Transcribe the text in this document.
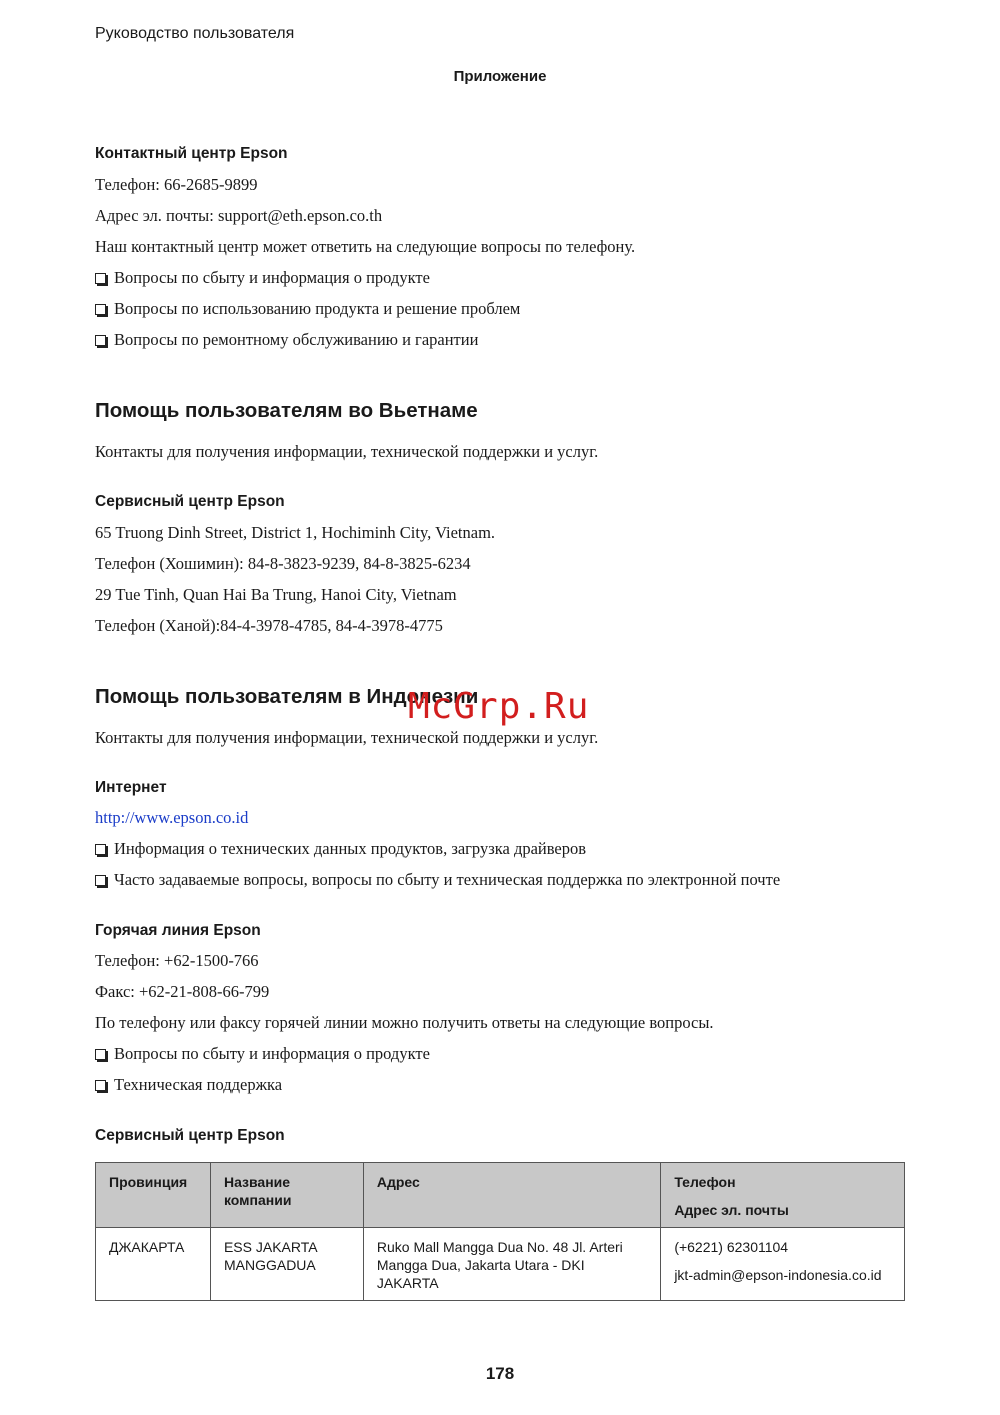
Руководство пользователя
Приложение
Контактный центр Epson
Телефон: 66-2685-9899
Адрес эл. почты: support@eth.epson.co.th
Наш контактный центр может ответить на следующие вопросы по телефону.
Вопросы по сбыту и информация о продукте
Вопросы по использованию продукта и решение проблем
Вопросы по ремонтному обслуживанию и гарантии
Помощь пользователям во Вьетнаме
Контакты для получения информации, технической поддержки и услуг.
Сервисный центр Epson
65 Truong Dinh Street, District 1, Hochiminh City, Vietnam.
Телефон (Хошимин): 84-8-3823-9239, 84-8-3825-6234
29 Tue Tinh, Quan Hai Ba Trung, Hanoi City, Vietnam
Телефон (Ханой):84-4-3978-4785, 84-4-3978-4775
Помощь пользователям в Индонезии
Контакты для получения информации, технической поддержки и услуг.
Интернет
http://www.epson.co.id
Информация о технических данных продуктов, загрузка драйверов
Часто задаваемые вопросы, вопросы по сбыту и техническая поддержка по электронной почте
Горячая линия Epson
Телефон: +62-1500-766
Факс: +62-21-808-66-799
По телефону или факсу горячей линии можно получить ответы на следующие вопросы.
Вопросы по сбыту и информация о продукте
Техническая поддержка
Сервисный центр Epson
Провинция	Название компании	Адрес	Телефон
Адрес эл. почты

ДЖАКАРТА	ESS JAKARTA MANGGADUA	Ruko Mall Mangga Dua No. 48 Jl. Arteri Mangga Dua, Jakarta Utara - DKI JAKARTA	(+6221) 62301104
jkt-admin@epson-indonesia.co.id
McGrp.Ru
178
